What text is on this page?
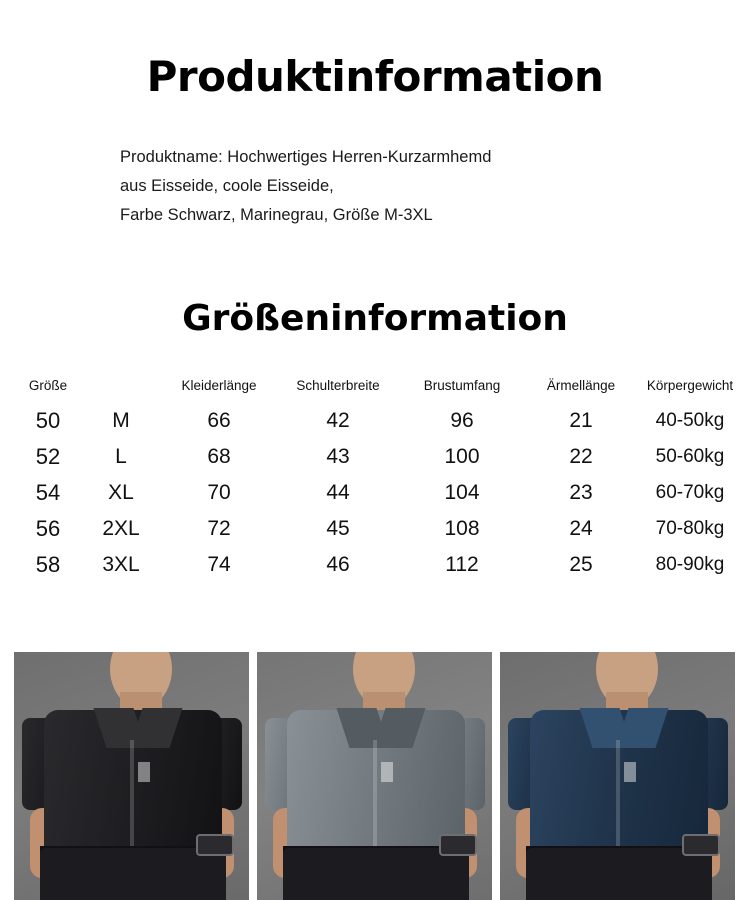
Produktinformation
Produktname: Hochwertiges Herren-Kurzarmhemd
aus Eisseide, coole Eisseide,
Farbe Schwarz, Marinegrau, Größe M-3XL
Größeninformation
Größe		Kleiderlänge	Schulterbreite	Brustumfang	Ärmellänge	Körpergewicht
50	M	66	42	96	21	40-50kg
52	L	68	43	100	22	50-60kg
54	XL	70	44	104	23	60-70kg
56	2XL	72	45	108	24	70-80kg
58	3XL	74	46	112	25	80-90kg
